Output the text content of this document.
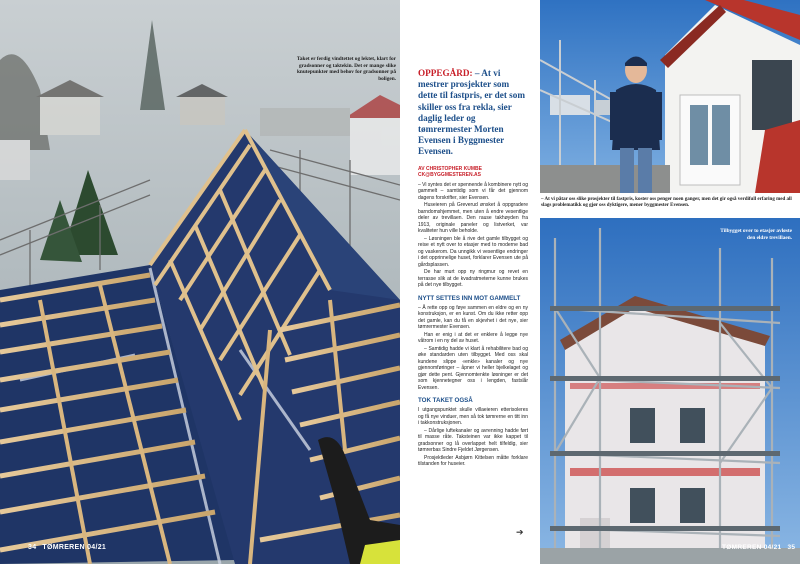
Taket er ferdig vindtettet og lektet, klart for gradsonner og taktekin. Det er mange slike knutepunkter med behov for gradsonner på boligen.
34 TØMREREN 04/21

OPPEGÅRD: – At vi mestrer prosjekter som dette til fastpris, er det som skiller oss fra rekla, sier daglig leder og tømrermester Morten Evensen i Byggmester Evensen.

AV CHRISTOPHER KUMBE
CK@BYGGMESTEREN.AS

– Vi syntes det er spennende å kombinere nytt og gammelt – samtidig som vi får det gjennom dagens forskrifter, sier Evensen.

Huseieren på Greverud ønsket å oppgradere barndomshjemmet, men uten å endre vesentlige deler av trevillaen. Den rause takhøyden fra 1913, originale paneler og listverket, var kvaliteter hun ville beholde.

– Løsningen ble å rive det gamle tilbygget og reise et nytt over to etasjer med to moderne bad og vaskerom. Da unngikk vi vesentlige endringer i det opprinnelige huset, forklarer Evensen ute på gårdsplassen.

De har murt opp ny ringmur og revet en terrasse slik at de kvadratmeterne kunne brukes på det nye tilbygget.

NYTT SETTES INN MOT GAMMELT

– Å rette opp og føye sammen en eldre og en ny konstruksjon, er en kunst. Om du ikke retter opp det gamle, kan du få en skjevhet i det nye, sier tømrermester Evensen.

Han er enig i at det er enklere å legge nye våtrom i en ny del av huset.

– Samtidig hadde vi klart å rehabilitere bad og øke standarden uten tilbygget. Med oss skal kundene slippe «enkle» kanaler og nye gjennomføringer – åpner vi heller bjelkelaget og gjør dette pent. Gjennomtenkte løsninger er det som kjennetegner oss i lengden, fastslår Evensen.

TOK TAKET OGSÅ

I utgangspunktet skulle villaeieren etterisoleres og få nye vinduer, men så tok tømrerne en titt inn i takkonstruksjonen.

– Dårlige luftekanaler og avrenning hadde ført til masse råte. Taksteinen var ikke kappet til gradsonner og lå overlappet helt tilfeldig, sier tømrerbas Sindre Fjeldet Jørgensen.

Prosjektleder Asbjørn Kittelsen måtte forklare tilstanden for huseier.

➔
– At vi påtar oss slike prosjekter til fastpris, koster oss penger noen ganger, men det gir også verdifull erfaring med all slags problematikk og gjør oss dyktigere, mener byggmester Evensen.
Tilbygget over to etasjer avløste den eldre trevillaen.
TØMREREN 04/21 35
